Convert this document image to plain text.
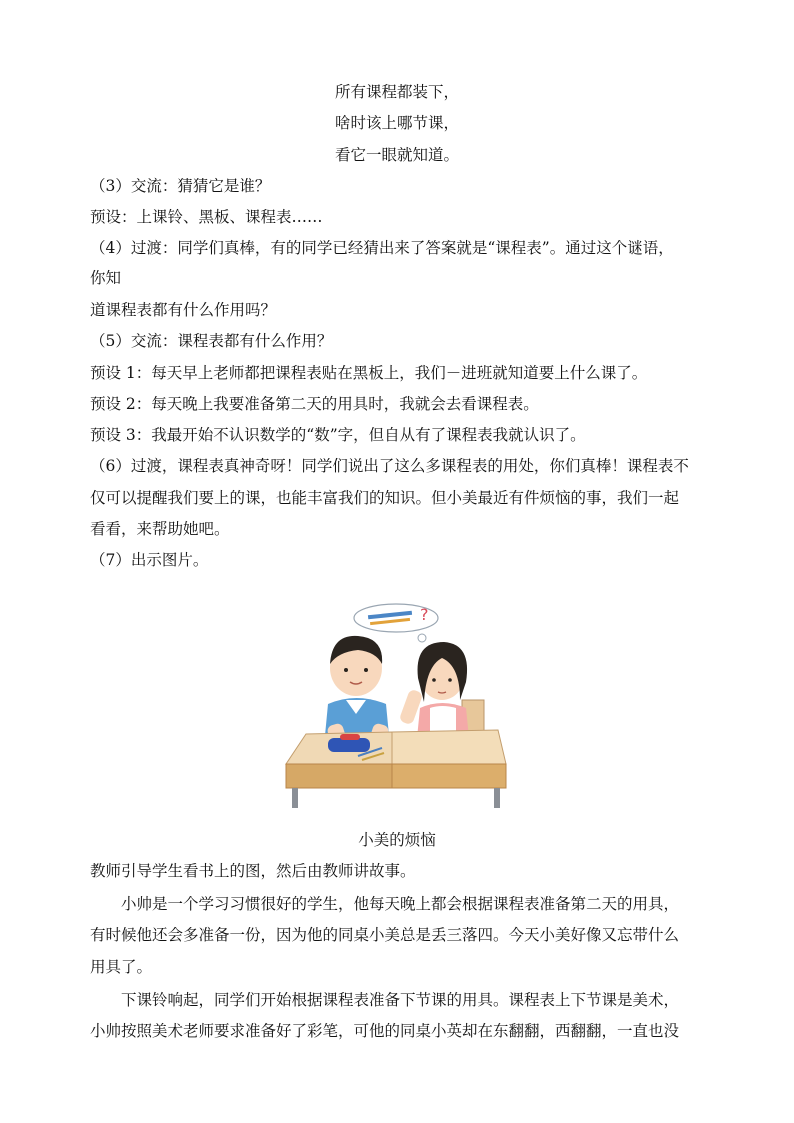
所有课程都装下，
啥时该上哪节课，
看它一眼就知道。
（3）交流：猜猜它是谁？
预设：上课铃、黑板、课程表……
（4）过渡：同学们真棒，有的同学已经猜出来了答案就是“课程表”。通过这个谜语，
你知
道课程表都有什么作用吗？
（5）交流：课程表都有什么作用？
预设 1：每天早上老师都把课程表贴在黑板上，我们－进班就知道要上什么课了。
预设 2：每天晚上我要准备第二天的用具时，我就会去看课程表。
预设 3：我最开始不认识数学的“数”字，但自从有了课程表我就认识了。
（6）过渡，课程表真神奇呀！同学们说出了这么多课程表的用处，你们真棒！课程表不
仅可以提醒我们要上的课，也能丰富我们的知识。但小美最近有件烦恼的事，我们一起
看看，来帮助她吧。
（7）出示图片。
?
小美的烦恼
教师引导学生看书上的图，然后由教师讲故事。
小帅是一个学习习惯很好的学生，他每天晚上都会根据课程表准备第二天的用具，
有时候他还会多准备一份，因为他的同桌小美总是丢三落四。今天小美好像又忘带什么
用具了。
下课铃响起，同学们开始根据课程表准备下节课的用具。课程表上下节课是美术，
小帅按照美术老师要求准备好了彩笔，可他的同桌小英却在东翻翻，西翻翻，一直也没
